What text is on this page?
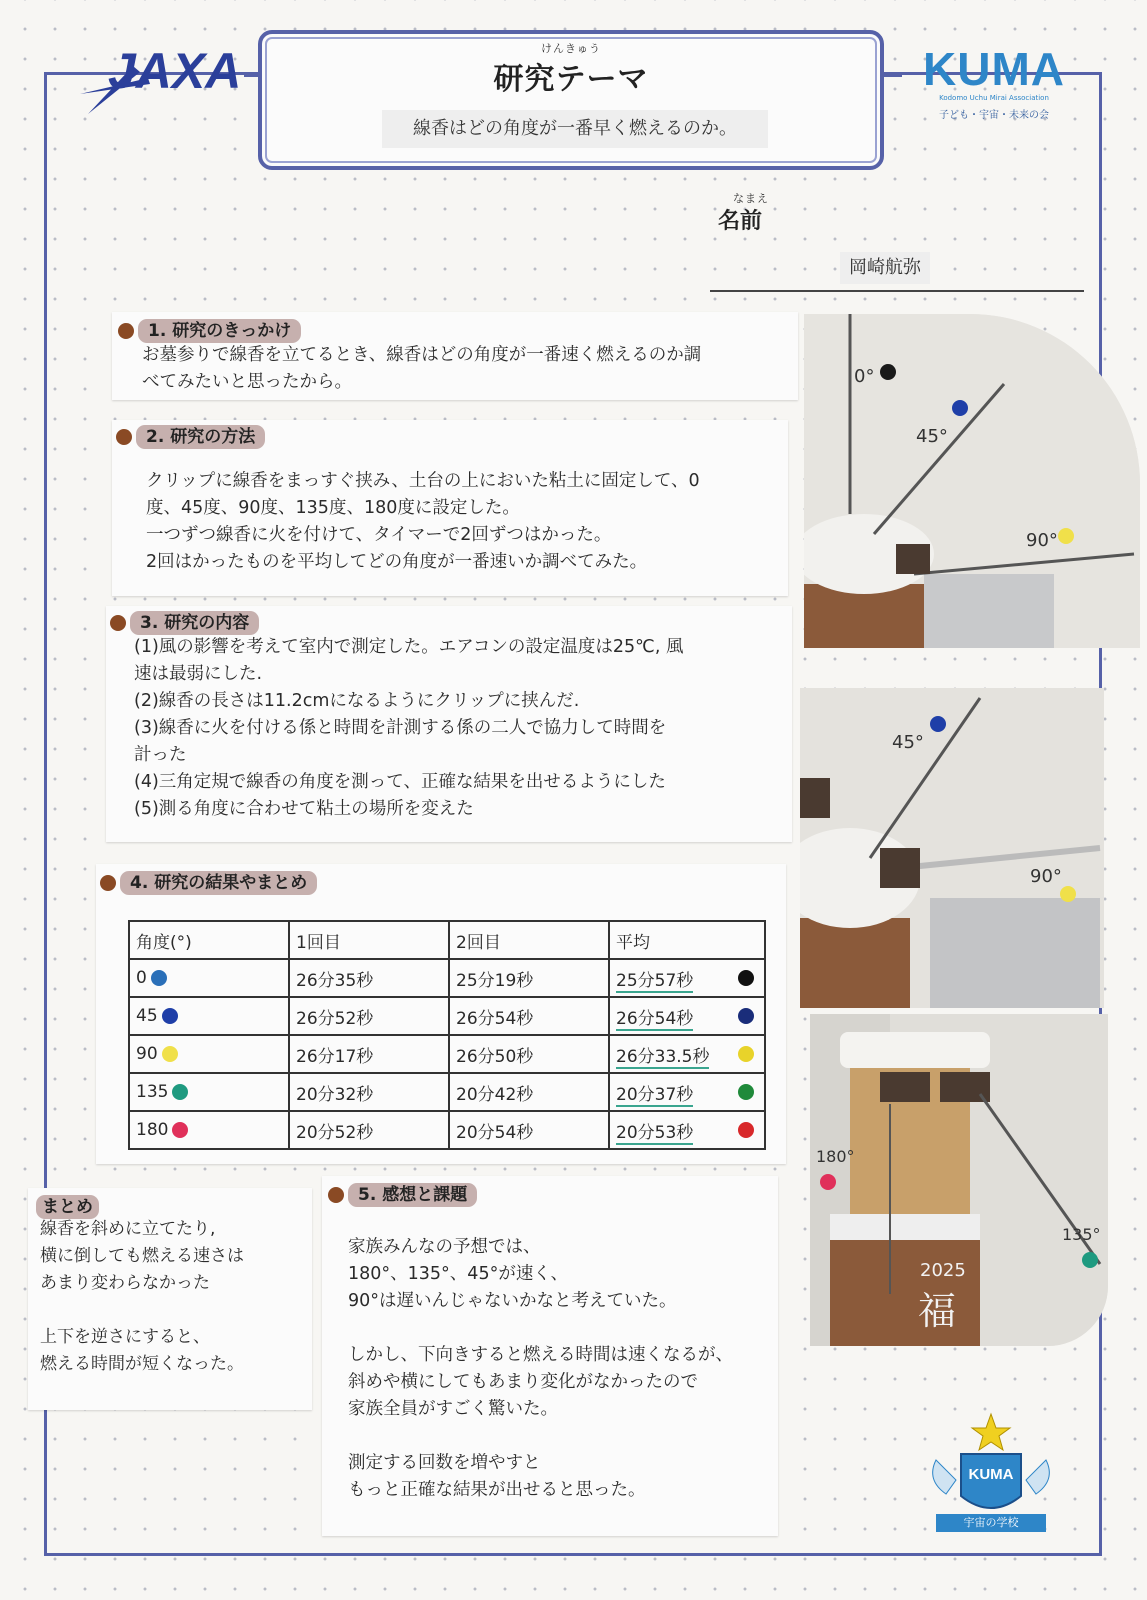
JAXA	KUMA
Kodomo Uchu Mirai Association
子ども・宇宙・未来の会
けんきゅう
研究テーマ
線香はどの角度が一番早く燃えるのか。
なまえ
名前
岡崎航弥
1. 研究のきっかけ
お墓参りで線香を立てるとき、線香はどの角度が一番速く燃えるのか調
べてみたいと思ったから。
2. 研究の方法
クリップに線香をまっすぐ挟み、土台の上においた粘土に固定して、0
度、45度、90度、135度、180度に設定した。
一つずつ線香に火を付けて、タイマーで2回ずつはかった。
2回はかったものを平均してどの角度が一番速いか調べてみた。
3. 研究の内容
(1)風の影響を考えて室内で測定した。エアコンの設定温度は25℃, 風
速は最弱にした.
(2)線香の長さは11.2cmになるようにクリップに挟んだ.
(3)線香に火を付ける係と時間を計測する係の二人で協力して時間を
計った
(4)三角定規で線香の角度を測って、正確な結果を出せるようにした
(5)測る角度に合わせて粘土の場所を変えた
4. 研究の結果やまとめ
角度(°)	1回目	2回目	平均
0	26分35秒	25分19秒	25分57秒

45	26分52秒	26分54秒	26分54秒

90	26分17秒	26分50秒	26分33.5秒

135	20分32秒	20分42秒	20分37秒

180	20分52秒	20分54秒	20分53秒
まとめ
線香を斜めに立てたり,
横に倒しても燃える速さは
あまり変わらなかった
上下を逆さにすると、
燃える時間が短くなった。
5. 感想と課題
家族みんなの予想では、
180°、135°、45°が速く、
90°は遅いんじゃないかなと考えていた。
しかし、下向きすると燃える時間は速くなるが、
斜めや横にしてもあまり変化がなかったので
家族全員がすごく驚いた。
測定する回数を増やすと
もっと正確な結果が出せると思った。
0°
45°
90°
45°
90°
2025
福
180°
135°
KUMA
宇宙の学校
